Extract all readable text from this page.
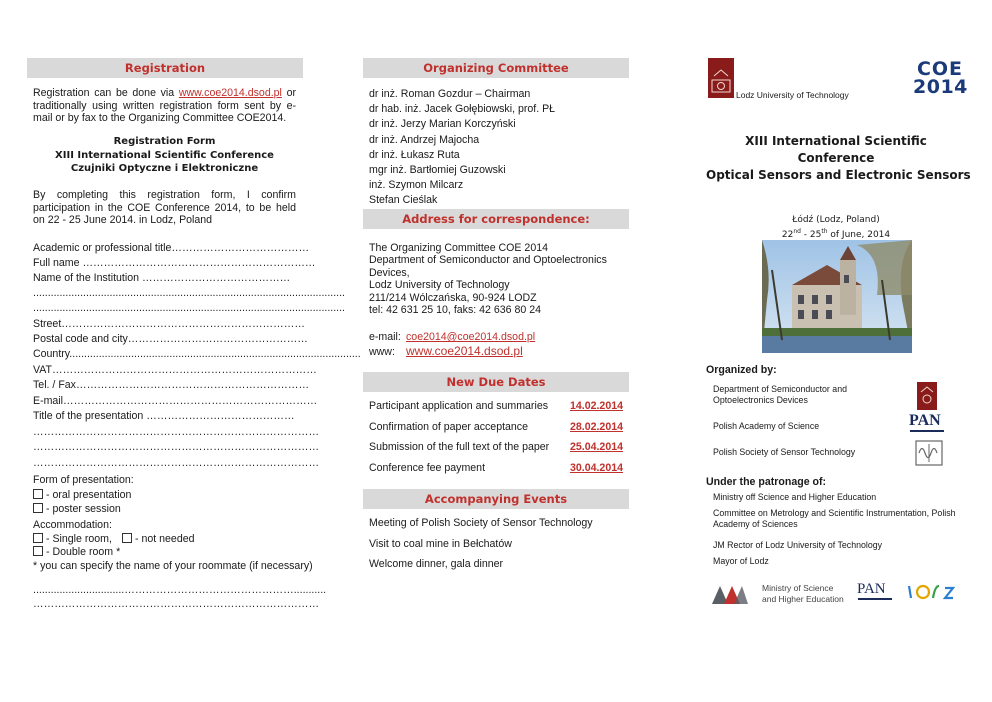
Registration
Registration can be done via www.coe2014.dsod.pl or traditionally using written registration form sent by e-mail or by fax to the Organizing Committee COE2014.
Registration Form
XIII International Scientific Conference
Czujniki Optyczne i Elektroniczne
By completing this registration form, I confirm participation in the COE Conference 2014, to be held on 22 - 25 June 2014. in Lodz, Poland
Academic or professional title…………………………………
Full name …………………………………………………………
Name of the Institution ……………………………………
..........................................................................................................
..........................................................................................................
Street……………………………………………………………
Postal code and city……………………………………………
Country...................................................................................................
VAT…………………………………………………………………
Tel. / Fax…………………………………………………………
E-mail………………………………………………………………
Title of the presentation ……………………………………
………………………………………………………………………
………………………………………………………………………
………………………………………………………………………
Form of presentation:
- oral presentation
- poster session
Accommodation:
- Single room,	- not needed
- Double room *
* you can specify the name of your roommate (if necessary)
...............................…………………………………………...........
………………………………………………………………………
Organizing Committee
dr inż. Roman Gozdur – Chairman
dr hab. inż. Jacek Gołębiowski, prof. PŁ
dr inż. Jerzy Marian Korczyński
dr inż. Andrzej Majocha
dr inż. Łukasz Ruta
mgr inż. Bartłomiej Guzowski
inż. Szymon Milcarz
Stefan Cieślak
Address for correspondence:
The Organizing Committee COE 2014
Department of Semiconductor and Optoelectronics
Devices,
Lodz University of Technology
211/214 Wólczańska, 90-924 LODZ
tel: 42 631 25 10, faks: 42 636 80 24
e-mail: coe2014@coe2014.dsod.pl
www: www.coe2014.dsod.pl
New Due Dates
Participant application and summaries 14.02.2014
Confirmation of paper acceptance	28.02.2014
Submission of the full text of the paper 25.04.2014
Conference fee payment	30.04.2014
Accompanying Events
Meeting of Polish Society of Sensor Technology
Visit to coal mine in Bełchatów
Welcome dinner, gala dinner
Lodz University of Technology
COE
2014
XIII International Scientific
Conference
Optical Sensors and Electronic Sensors
Łódź (Lodz, Poland)
22nd - 25th of June, 2014
Organized by:
Department of Semiconductor and Optoelectronics Devices
Polish Academy of Science
Polish Society of Sensor Technology
PAN
Under the patronage of:
Ministry off Science and Higher Education
Committee on Metrology and Scientific Instrumentation, Polish Academy of Sciences
JM Rector of Lodz University of Technology
Mayor of Lodz
Ministry of Science
and Higher Education
PAN
